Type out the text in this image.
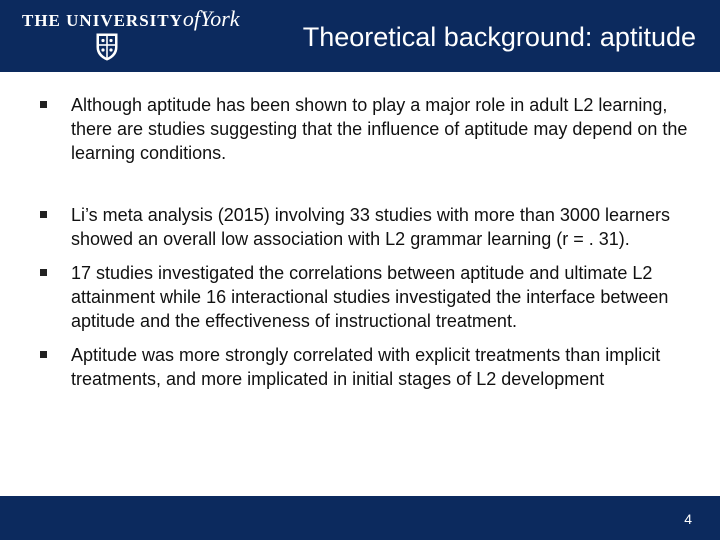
THE UNIVERSITYofYork
Theoretical background: aptitude
Although aptitude has been shown to play a major role in adult L2 learning, there are studies suggesting that the influence of aptitude may depend on the learning conditions.
Li’s meta analysis (2015) involving 33 studies with more than 3000 learners showed an overall low association with L2 grammar learning (r = . 31).
17 studies investigated the correlations between aptitude and ultimate L2 attainment while 16 interactional studies investigated the interface between aptitude and the effectiveness of instructional treatment.
Aptitude was more strongly correlated with explicit treatments than implicit treatments, and more implicated in initial stages of L2 development
4
